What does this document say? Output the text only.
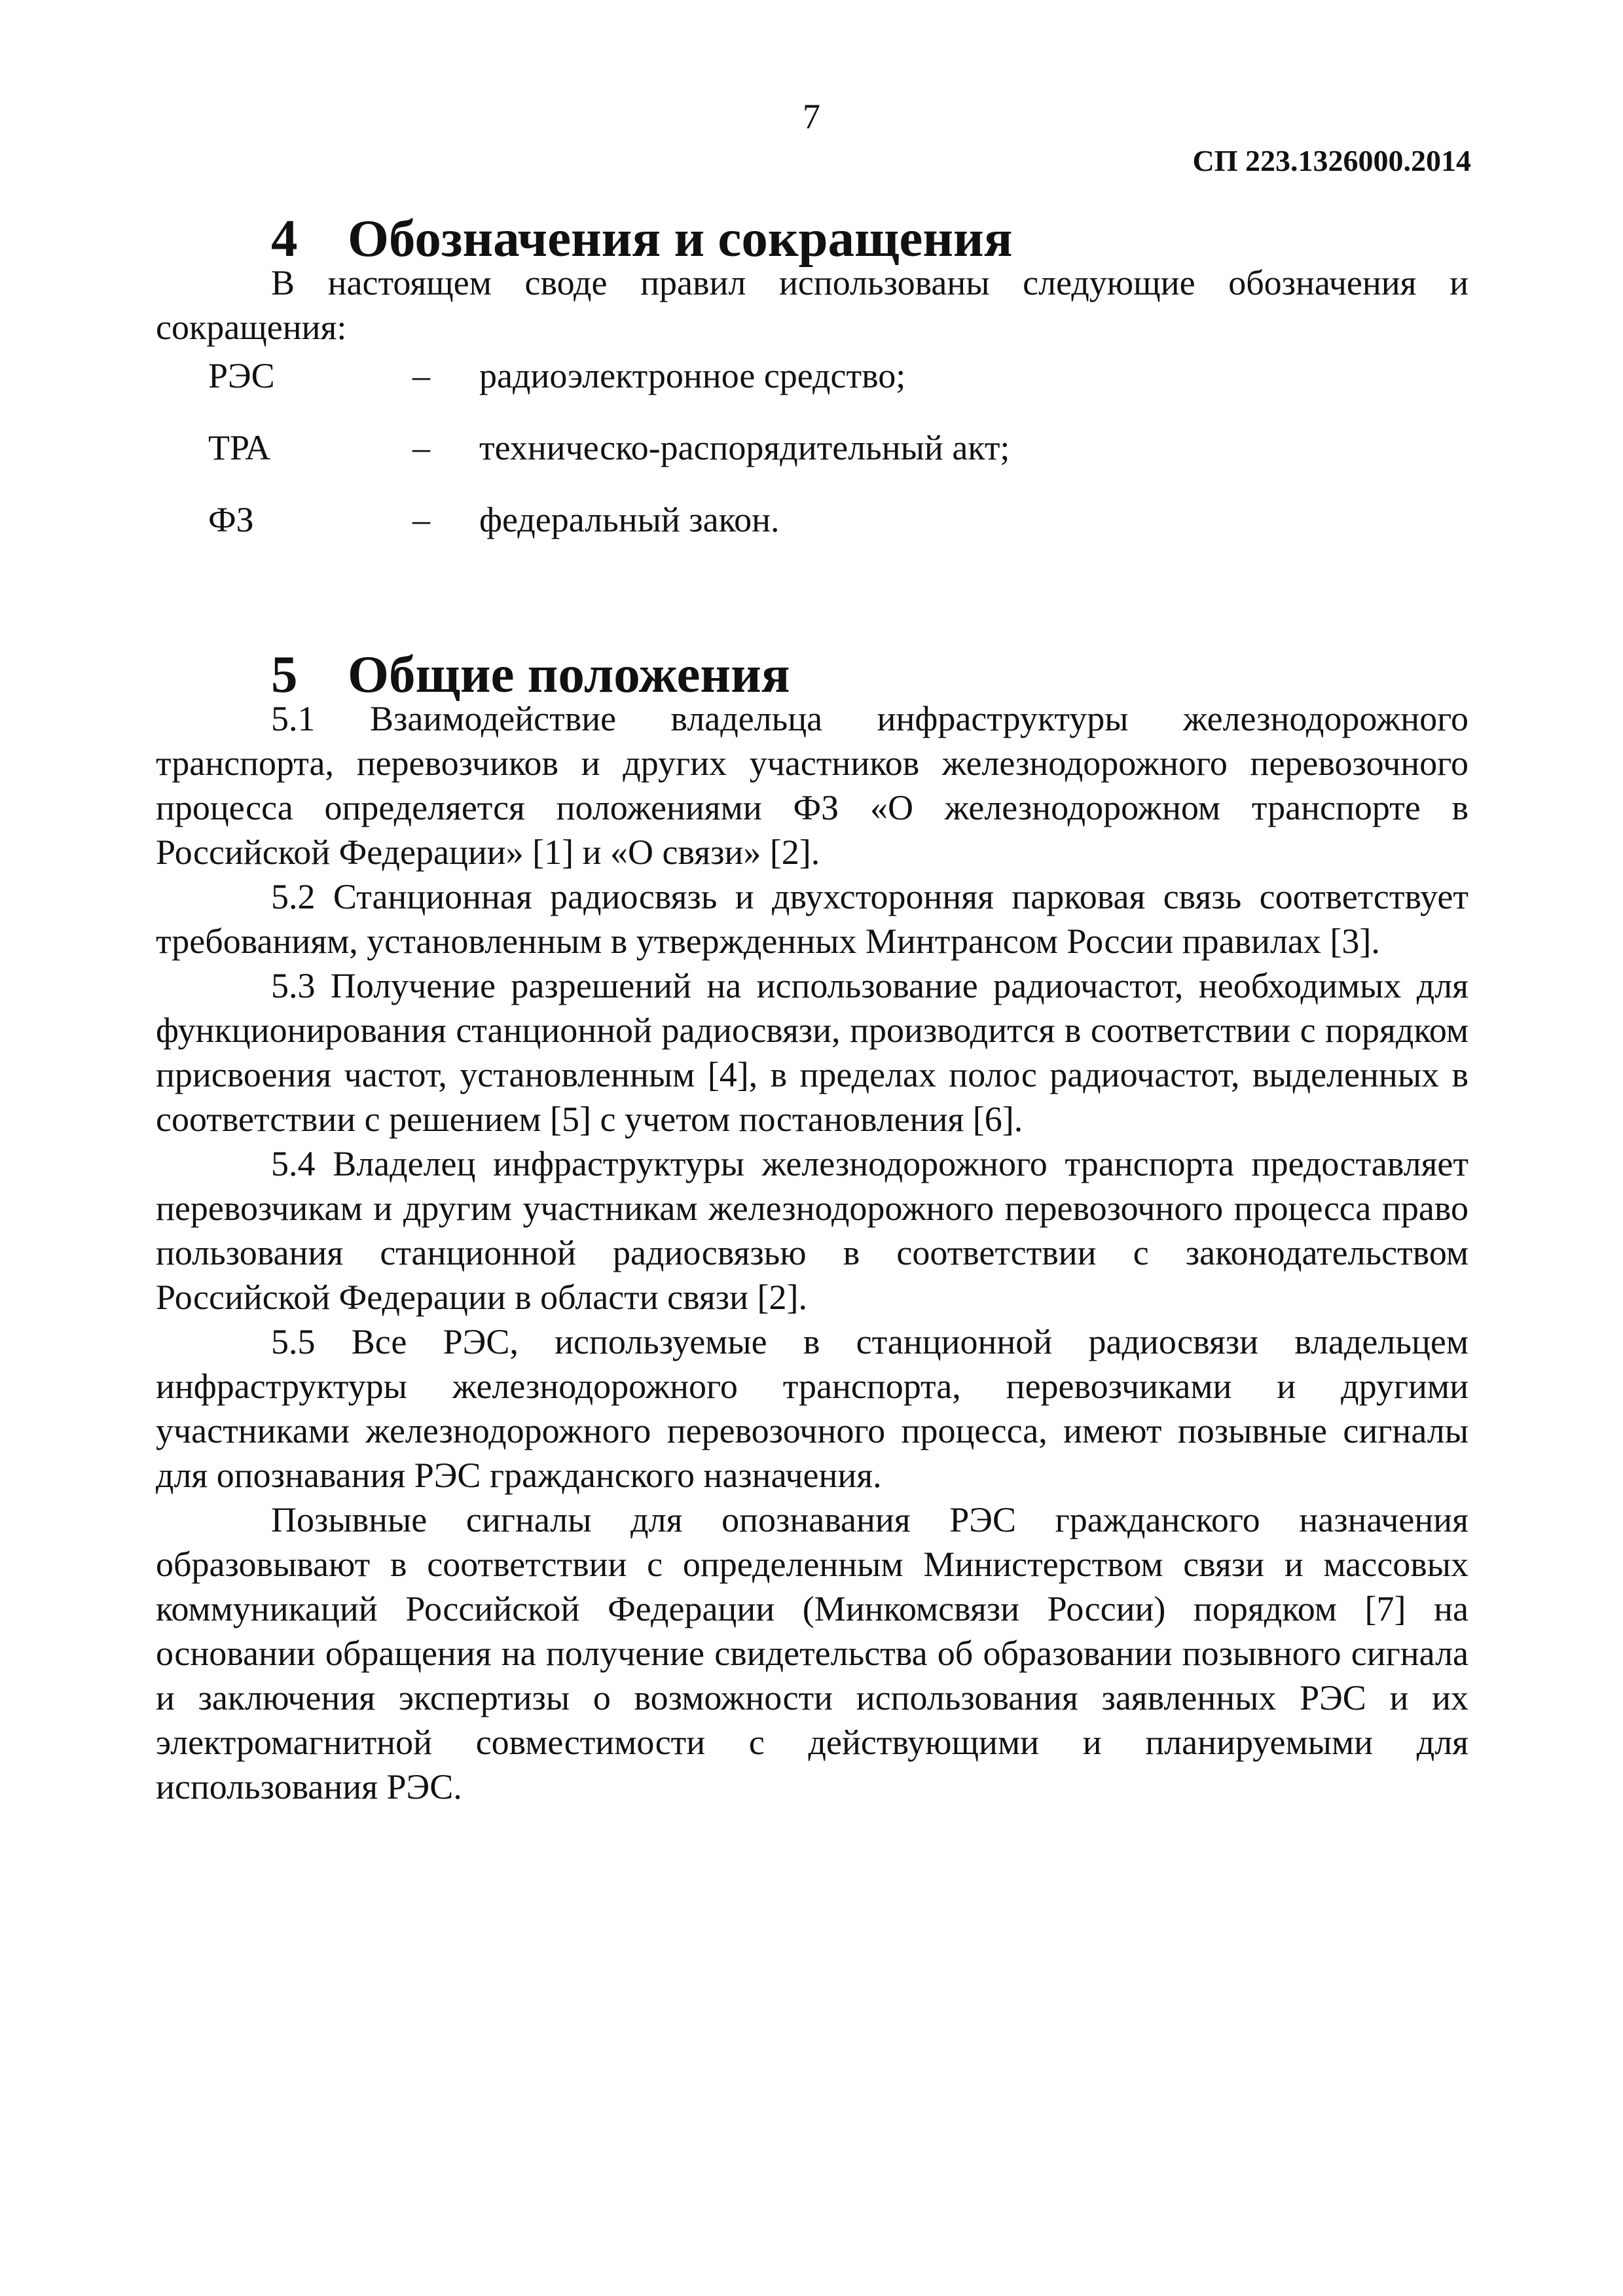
7
СП 223.1326000.2014
4 Обозначения и сокращения

В настоящем своде правил использованы следующие обозначения и сокращения:

РЭС	–	радиоэлектронное средство;
ТРА	–	техническо-распорядительный акт;
ФЗ	–	федеральный закон.
5 Общие положения

5.1 Взаимодействие владельца инфраструктуры железнодорожного транспорта, перевозчиков и других участников железнодорожного перевозочного процесса определяется положениями ФЗ «О железнодорожном транспорте в Российской Федерации» [1] и «О связи» [2].

5.2 Станционная радиосвязь и двухсторонняя парковая связь соответствует требованиям, установленным в утвержденных Минтрансом России правилах [3].

5.3 Получение разрешений на использование радиочастот, необходимых для функционирования станционной радиосвязи, производится в соответствии с порядком присвоения частот, установленным [4], в пределах полос радиочастот, выделенных в соответствии с решением [5] с учетом постановления [6].

5.4 Владелец инфраструктуры железнодорожного транспорта предоставляет перевозчикам и другим участникам железнодорожного перевозочного процесса право пользования станционной радиосвязью в соответствии с законодательством Российской Федерации в области связи [2].

5.5 Все РЭС, используемые в станционной радиосвязи владельцем инфраструктуры железнодорожного транспорта, перевозчиками и другими участниками железнодорожного перевозочного процесса, имеют позывные сигналы для опознавания РЭС гражданского назначения.

Позывные сигналы для опознавания РЭС гражданского назначения образовывают в соответствии с определенным Министерством связи и массовых коммуникаций Российской Федерации (Минкомсвязи России) порядком [7] на основании обращения на получение свидетельства об образовании позывного сигнала и заключения экспертизы о возможности использования заявленных РЭС и их электромагнитной совместимости с действующими и планируемыми для использования РЭС.
